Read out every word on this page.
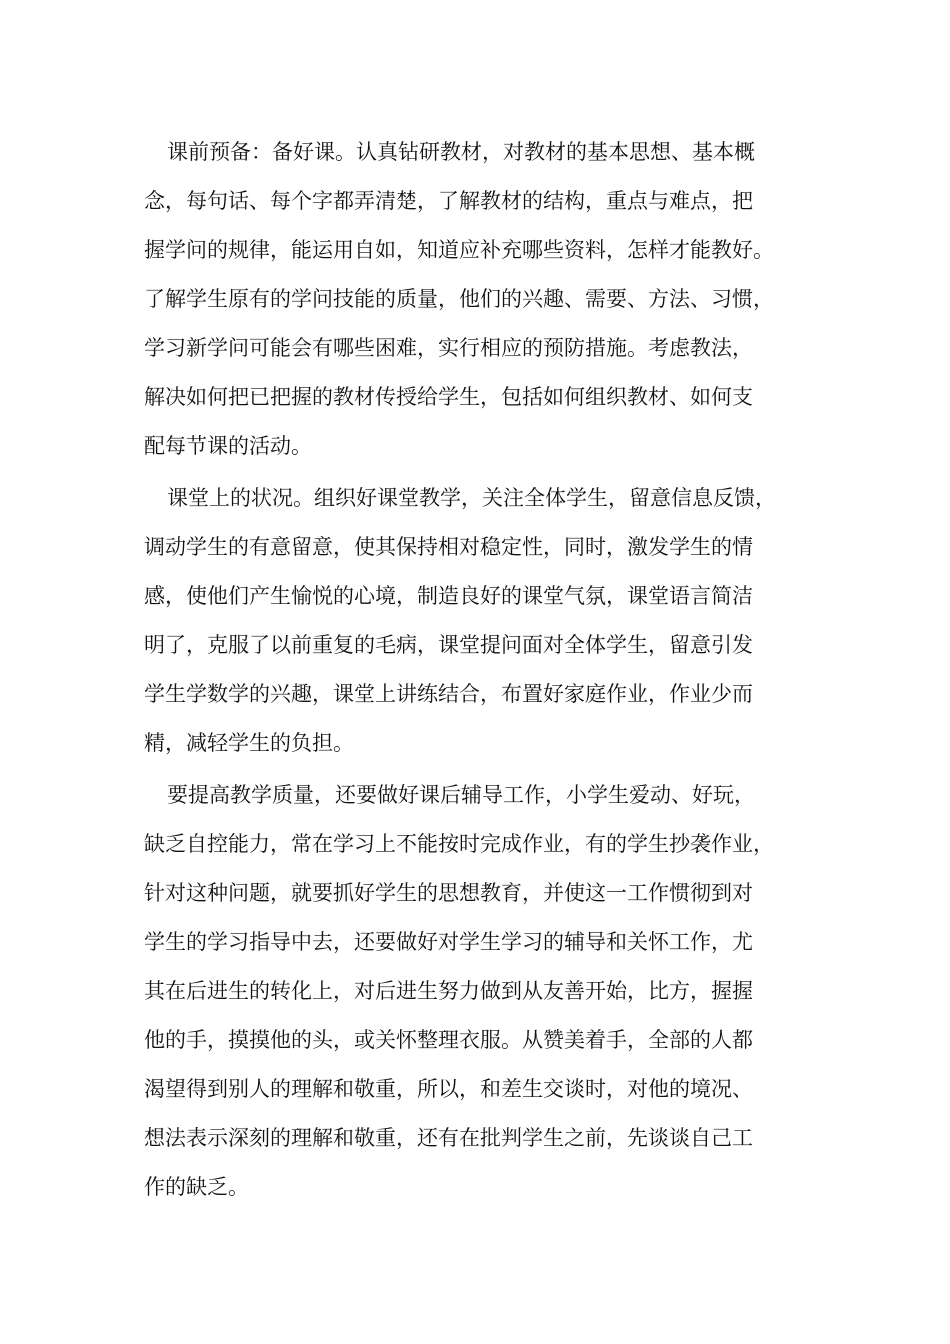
课前预备：备好课。认真钻研教材，对教材的基本思想、基本概
念，每句话、每个字都弄清楚，了解教材的结构，重点与难点，把
握学问的规律，能运用自如，知道应补充哪些资料，怎样才能教好。
了解学生原有的学问技能的质量，他们的兴趣、需要、方法、习惯，
学习新学问可能会有哪些困难，实行相应的预防措施。考虑教法，
解决如何把已把握的教材传授给学生，包括如何组织教材、如何支
配每节课的活动。
课堂上的状况。组织好课堂教学，关注全体学生，留意信息反馈，
调动学生的有意留意，使其保持相对稳定性，同时，激发学生的情
感，使他们产生愉悦的心境，制造良好的课堂气氛，课堂语言简洁
明了，克服了以前重复的毛病，课堂提问面对全体学生，留意引发
学生学数学的兴趣，课堂上讲练结合，布置好家庭作业，作业少而
精，减轻学生的负担。
要提高教学质量，还要做好课后辅导工作，小学生爱动、好玩，
缺乏自控能力，常在学习上不能按时完成作业，有的学生抄袭作业，
针对这种问题，就要抓好学生的思想教育，并使这一工作惯彻到对
学生的学习指导中去，还要做好对学生学习的辅导和关怀工作，尤
其在后进生的转化上，对后进生努力做到从友善开始，比方，握握
他的手，摸摸他的头，或关怀整理衣服。从赞美着手，全部的人都
渴望得到别人的理解和敬重，所以，和差生交谈时，对他的境况、
想法表示深刻的理解和敬重，还有在批判学生之前，先谈谈自己工
作的缺乏。
